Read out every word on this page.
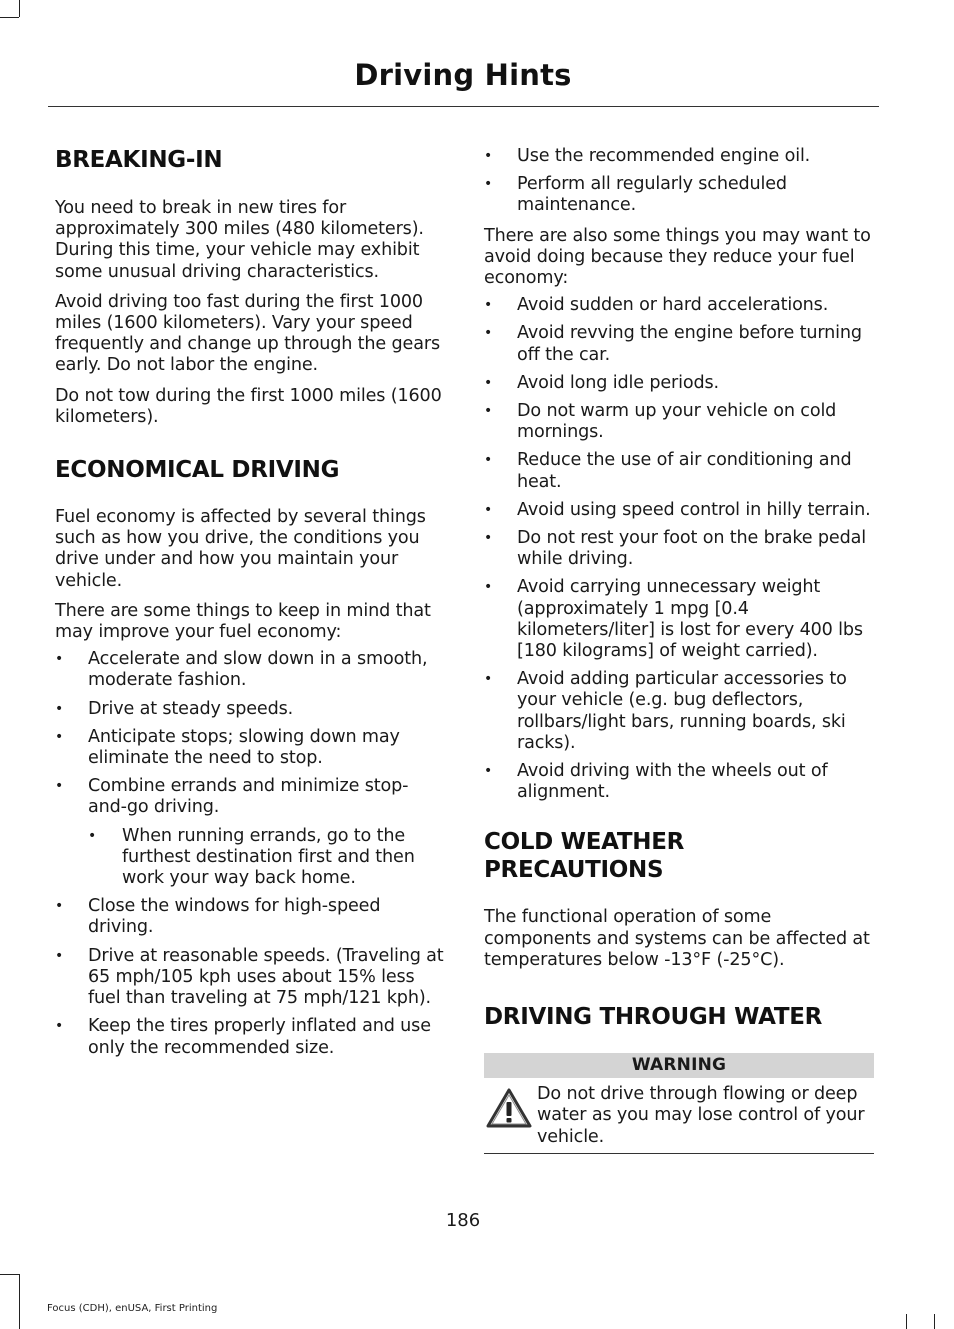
Driving Hints
BREAKING-IN

You need to break in new tires for approximately 300 miles (480 kilometers). During this time, your vehicle may exhibit some unusual driving characteristics.

Avoid driving too fast during the first 1000 miles (1600 kilometers). Vary your speed frequently and change up through the gears early. Do not labor the engine.

Do not tow during the first 1000 miles (1600 kilometers).

ECONOMICAL DRIVING

Fuel economy is affected by several things such as how you drive, the conditions you drive under and how you maintain your vehicle.

There are some things to keep in mind that may improve your fuel economy:

• Accelerate and slow down in a smooth, moderate fashion.
• Drive at steady speeds.
• Anticipate stops; slowing down may eliminate the need to stop.
• Combine errands and minimize stop-and-go driving.
• When running errands, go to the furthest destination first and then work your way back home.
• Close the windows for high-speed driving.
• Drive at reasonable speeds. (Traveling at 65 mph/105 kph uses about 15% less fuel than traveling at 75 mph/121 kph).
• Keep the tires properly inflated and use only the recommended size.
• Use the recommended engine oil.
• Perform all regularly scheduled maintenance.

There are also some things you may want to avoid doing because they reduce your fuel economy:

• Avoid sudden or hard accelerations.
• Avoid revving the engine before turning off the car.
• Avoid long idle periods.
• Do not warm up your vehicle on cold mornings.
• Reduce the use of air conditioning and heat.
• Avoid using speed control in hilly terrain.
• Do not rest your foot on the brake pedal while driving.
• Avoid carrying unnecessary weight (approximately 1 mpg [0.4 kilometers/liter] is lost for every 400 lbs [180 kilograms] of weight carried).
• Avoid adding particular accessories to your vehicle (e.g. bug deflectors, rollbars/light bars, running boards, ski racks).
• Avoid driving with the wheels out of alignment.
COLD WEATHER
PRECAUTIONS

The functional operation of some components and systems can be affected at temperatures below -13°F (-25°C).

DRIVING THROUGH WATER
WARNING

Do not drive through flowing or deep water as you may lose control of your vehicle.

186
Focus (CDH), enUSA, First Printing
